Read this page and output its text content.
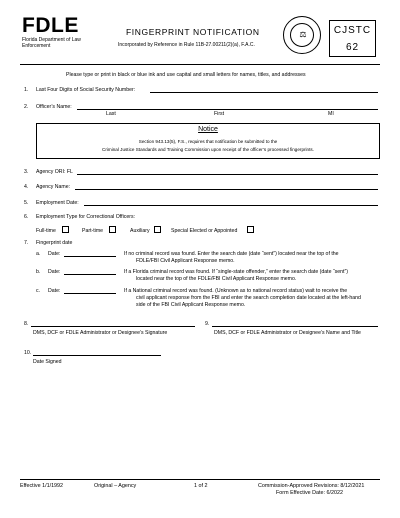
FDLE
Florida Department of Law Enforcement
FINGERPRINT NOTIFICATION
Incorporated by Reference in Rule 11B-27.00211(2)(a), F.A.C.
⚖	CJSTC
62
Please type or print in black or blue ink and use capital and small letters for names, titles, and addresses
1. Last Four Digits of Social Security Number:
2. Officer’s Name:
Last	First	MI
Notice
Section 943.13(5), F.S., requires that notification be submitted to the
Criminal Justice Standards and Training Commission upon receipt of the officer’s processed fingerprints.
3. Agency ORI: FL
4. Agency Name:
5. Employment Date:
6. Employment Type for Correctional Officers:
Full-time	Part-time	Auxiliary	Special Elected or Appointed
7. Fingerprint date
a. Date:	If no criminal record was found. Enter the search date (date “sent”) located near the top of the
FDLE/FBI Civil Applicant Response memo.
b. Date:	If a Florida criminal record was found. If “single-state offender,” enter the search date (date “sent”)
located near the top of the FDLE/FBI Civil Applicant Response memo.
c. Date:	If a National criminal record was found. (Unknown as to national record status) wait to receive the
civil applicant response from the FBI and enter the search completion date located at the left-hand
side of the FBI Civil Applicant Response memo.
8.
DMS, DCF or FDLE Administrator or Designee’s Signature
9.
DMS, DCF or FDLE Administrator or Designee’s Name and Title
10.
Date Signed
Effective 1/1/1992	Original – Agency	1 of 2	Commission-Approved Revisions: 8/12/2021
Form Effective Date: 6/2022
